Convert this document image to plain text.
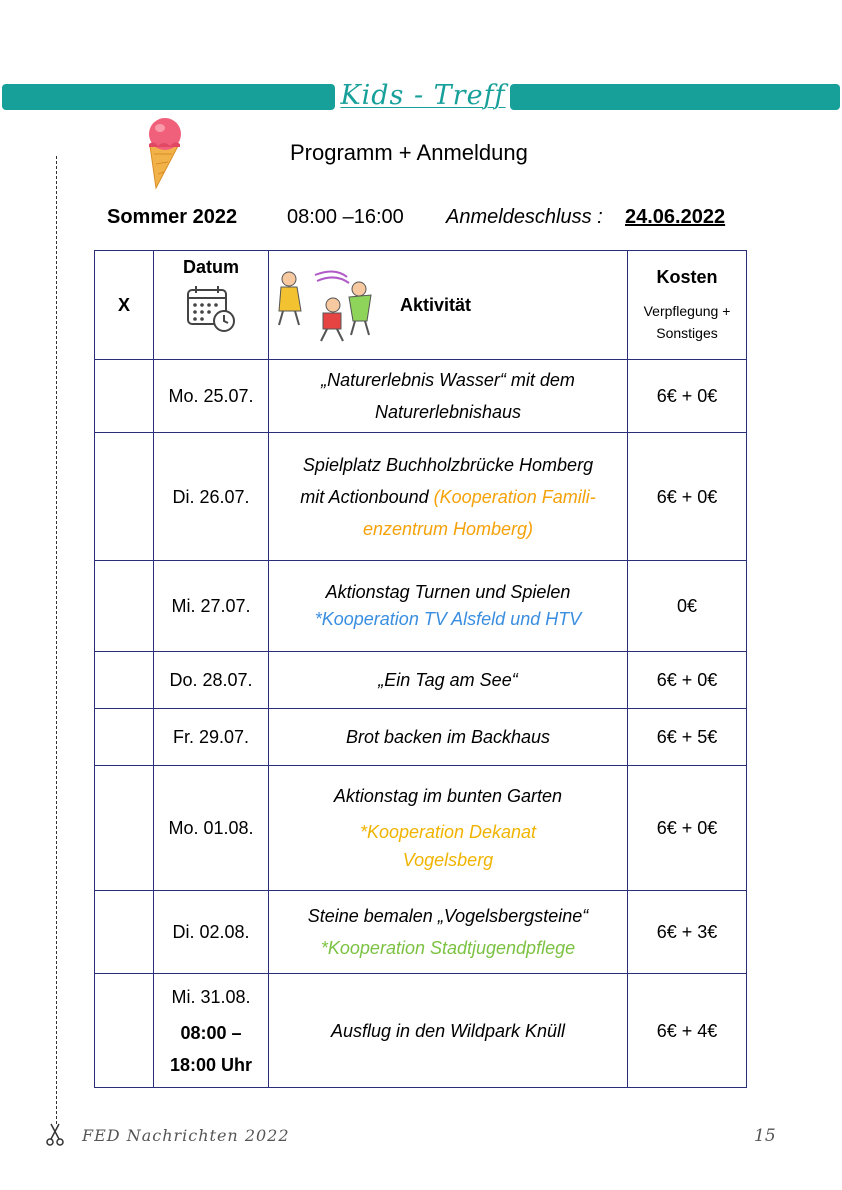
Kids - Treff
Programm + Anmeldung
Sommer 2022 08:00 –16:00 Anmeldeschluss : 24.06.2022
X	Datum	Aktivität	Kosten
Verpflegung +
Sonstiges

	Mo. 25.07.	„Naturerlebnis Wasser“ mit dem
Naturerlebnishaus	6€ + 0€
	Di. 26.07.	Spielplatz Buchholzbrücke Homberg
mit Actionbound (Kooperation Famili-
enzentrum Homberg)	6€ + 0€
	Mi. 27.07.	Aktionstag Turnen und Spielen
*Kooperation TV Alsfeld und HTV	0€
	Do. 28.07.	„Ein Tag am See“	6€ + 0€
	Fr. 29.07.	Brot backen im Backhaus	6€ + 5€
	Mo. 01.08.	Aktionstag im bunten Garten
*Kooperation Dekanat
Vogelsberg	6€ + 0€
	Di. 02.08.	Steine bemalen „Vogelsbergsteine“
*Kooperation Stadtjugendpflege	6€ + 3€

	Mi. 31.08.
08:00 –
18:00 Uhr	Ausflug in den Wildpark Knüll	6€ + 4€
FED Nachrichten 2022	15
